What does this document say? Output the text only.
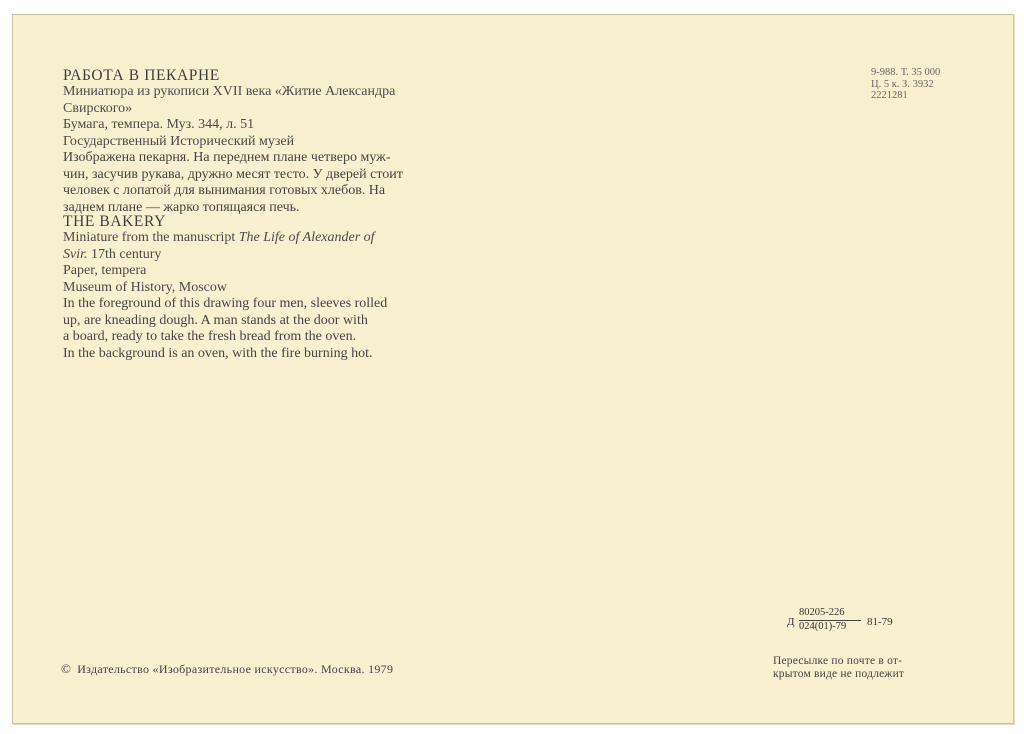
РАБОТА В ПЕКАРНЕ
Миниатюра из рукописи XVII века «Житие Александра
Свирского»
Бумага, темпера. Муз. 344, л. 51
Государственный Исторический музей
Изображена пекарня. На переднем плане четверо муж-
чин, засучив рукава, дружно месят тесто. У дверей стоит
человек с лопатой для вынимания готовых хлебов. На
заднем плане — жарко топящаяся печь.
THE BAKERY
Miniature from the manuscript The Life of Alexander of
Svir. 17th century
Paper, tempera
Museum of History, Moscow
In the foreground of this drawing four men, sleeves rolled
up, are kneading dough. A man stands at the door with
a board, ready to take the fresh bread from the oven.
In the background is an oven, with the fire burning hot.
9-988. Т. 35 000
Ц. 5 к. З. 3932
2221281
Д $\frac{80205-226}{024(01)-79} 81-79$
© Издательство «Изобразительное искусство». Москва. 1979
Пересылке по почте в от-
крытом виде не подлежит
